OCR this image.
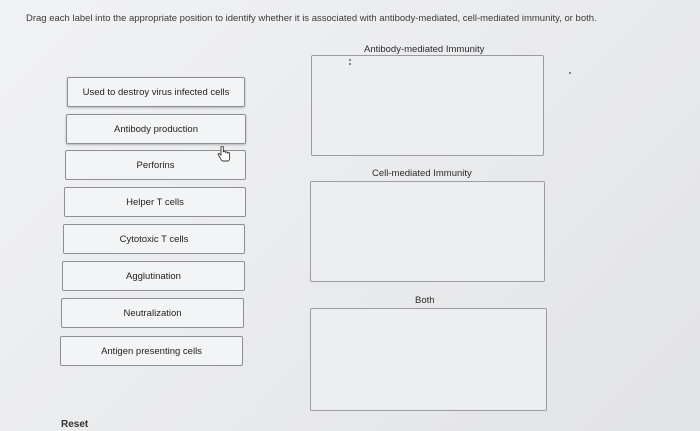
Drag each label into the appropriate position to identify whether it is associated with antibody-mediated, cell-mediated immunity, or both.
Used to destroy virus infected cells
Antibody production
Perforins
Helper T cells
Cytotoxic T cells
Agglutination
Neutralization
Antigen presenting cells
Antibody-mediated Immunity
Cell-mediated Immunity
Both
Reset
